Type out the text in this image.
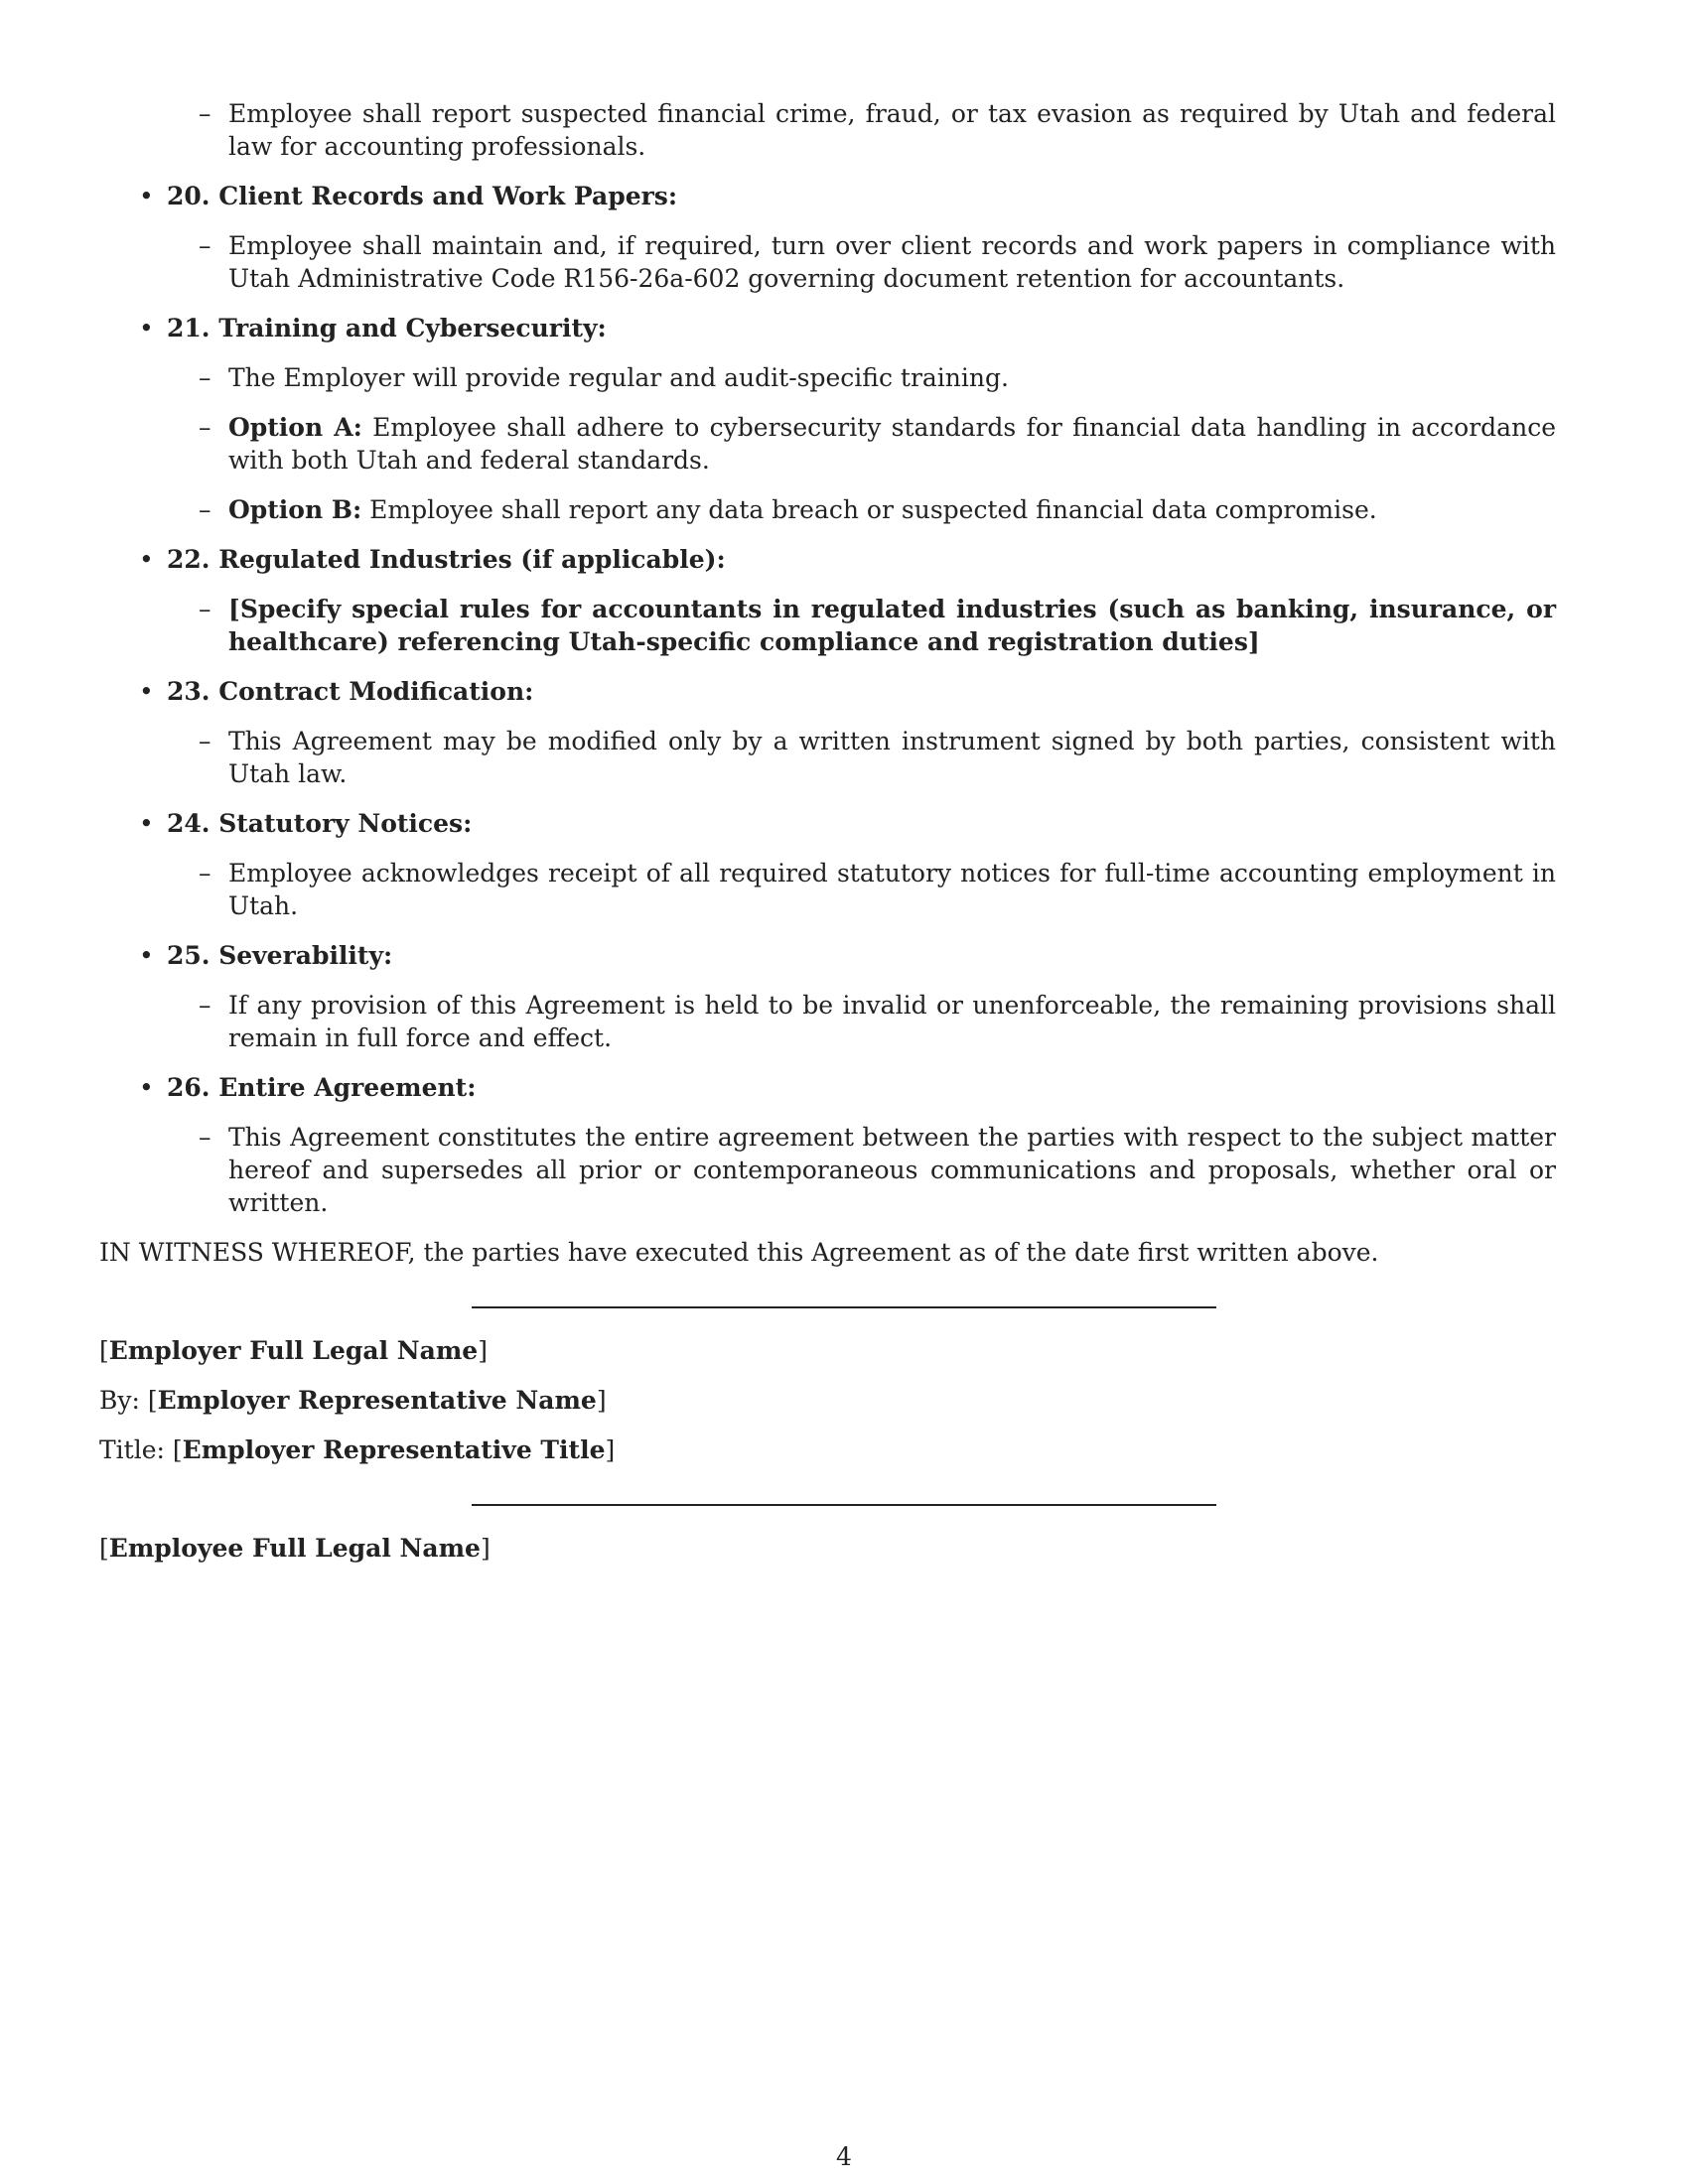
– Employee shall report suspected financial crime, fraud, or tax evasion as required by Utah and federal law for accounting professionals.
• 20. Client Records and Work Papers:
– Employee shall maintain and, if required, turn over client records and work papers in compliance with Utah Administrative Code R156-26a-602 governing document retention for accountants.
• 21. Training and Cybersecurity:
– The Employer will provide regular and audit-specific training.
– Option A: Employee shall adhere to cybersecurity standards for financial data handling in accordance with both Utah and federal standards.
– Option B: Employee shall report any data breach or suspected financial data compromise.
• 22. Regulated Industries (if applicable):
– [Specify special rules for accountants in regulated industries (such as banking, insurance, or healthcare) referencing Utah-specific compliance and registration duties]
• 23. Contract Modification:
– This Agreement may be modified only by a written instrument signed by both parties, consistent with Utah law.
• 24. Statutory Notices:
– Employee acknowledges receipt of all required statutory notices for full-time accounting employment in Utah.
• 25. Severability:
– If any provision of this Agreement is held to be invalid or unenforceable, the remaining provisions shall remain in full force and effect.
• 26. Entire Agreement:
– This Agreement constitutes the entire agreement between the parties with respect to the subject matter hereof and supersedes all prior or contemporaneous communications and proposals, whether oral or written.
IN WITNESS WHEREOF, the parties have executed this Agreement as of the date first written above.
[Employer Full Legal Name]
By: [Employer Representative Name]
Title: [Employer Representative Title]
[Employee Full Legal Name]
4
